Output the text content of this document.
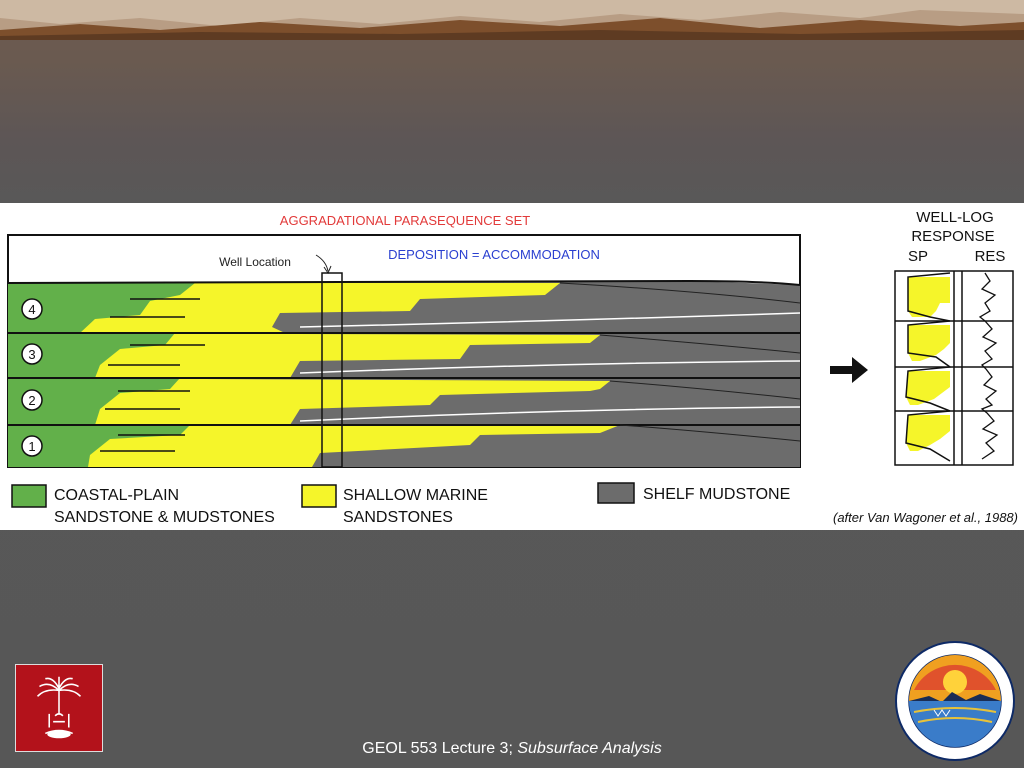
AGGRADATIONAL PARASEQUENCE SET
DEPOSITION = ACCOMMODATION
Well Location
4
3
2
1
WELL-LOG
RESPONSE
SP	RES
COASTAL-PLAIN
SANDSTONE & MUDSTONES
SHALLOW MARINE
SANDSTONES
SHELF MUDSTONE
(after Van Wagoner et al., 1988)
GEOL 553 Lecture 3; Subsurface Analysis
